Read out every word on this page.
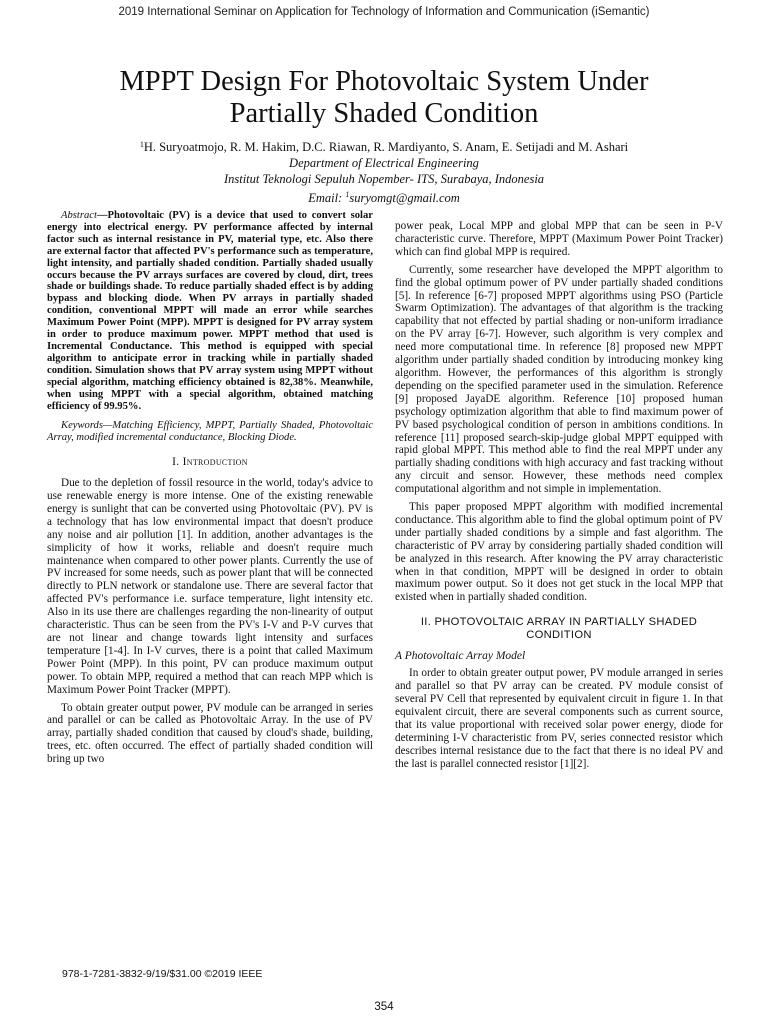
2019 International Seminar on Application for Technology of Information and Communication (iSemantic)
MPPT Design For Photovoltaic System Under
Partially Shaded Condition
$^1$H. Suryoatmojo, R. M. Hakim, D.C. Riawan, R. Mardiyanto, S. Anam, E. Setijadi and M. Ashari
Department of Electrical Engineering
Institut Teknologi Sepuluh Nopember- ITS, Surabaya, Indonesia
Email: $^1$suryomgt@gmail.com

Abstract—Photovoltaic (PV) is a device that used to convert solar energy into electrical energy. PV performance affected by internal factor such as internal resistance in PV, material type, etc. Also there are external factor that affected PV's performance such as temperature, light intensity, and partially shaded condition. Partially shaded usually occurs because the PV arrays surfaces are covered by cloud, dirt, trees shade or buildings shade. To reduce partially shaded effect is by adding bypass and blocking diode. When PV arrays in partially shaded condition, conventional MPPT will made an error while searches Maximum Power Point (MPP). MPPT is designed for PV array system in order to produce maximum power. MPPT method that used is Incremental Conductance. This method is equipped with special algorithm to anticipate error in tracking while in partially shaded condition. Simulation shows that PV array system using MPPT without special algorithm, matching efficiency obtained is 82,38%. Meanwhile, when using MPPT with a special algorithm, obtained matching efficiency of 99.95%.

Keywords—Matching Efficiency, MPPT, Partially Shaded, Photovoltaic Array, modified incremental conductance, Blocking Diode.

I. Introduction

Due to the depletion of fossil resource in the world, today's advice to use renewable energy is more intense. One of the existing renewable energy is sunlight that can be converted using Photovoltaic (PV). PV is a technology that has low environmental impact that doesn't produce any noise and air pollution [1]. In addition, another advantages is the simplicity of how it works, reliable and doesn't require much maintenance when compared to other power plants. Currently the use of PV increased for some needs, such as power plant that will be connected directly to PLN network or standalone use. There are several factor that affected PV's performance i.e. surface temperature, light intensity etc. Also in its use there are challenges regarding the non-linearity of output characteristic. Thus can be seen from the PV's I-V and P-V curves that are not linear and change towards light intensity and surfaces temperature [1-4]. In I-V curves, there is a point that called Maximum Power Point (MPP). In this point, PV can produce maximum output power. To obtain MPP, required a method that can reach MPP which is Maximum Power Point Tracker (MPPT).

To obtain greater output power, PV module can be arranged in series and parallel or can be called as Photovoltaic Array. In the use of PV array, partially shaded condition that caused by cloud's shade, building, trees, etc. often occurred. The effect of partially shaded condition will bring up two

power peak, Local MPP and global MPP that can be seen in P-V characteristic curve. Therefore, MPPT (Maximum Power Point Tracker) which can find global MPP is required.

Currently, some researcher have developed the MPPT algorithm to find the global optimum power of PV under partially shaded conditions [5]. In reference [6-7] proposed MPPT algorithms using PSO (Particle Swarm Optimization). The advantages of that algorithm is the tracking capability that not effected by partial shading or non-uniform irradiance on the PV array [6-7]. However, such algorithm is very complex and need more computational time. In reference [8] proposed new MPPT algorithm under partially shaded condition by introducing monkey king algorithm. However, the performances of this algorithm is strongly depending on the specified parameter used in the simulation. Reference [9] proposed JayaDE algorithm. Reference [10] proposed human psychology optimization algorithm that able to find maximum power of PV based psychological condition of person in ambitions conditions. In reference [11] proposed search-skip-judge global MPPT equipped with rapid global MPPT. This method able to find the real MPPT under any partially shading conditions with high accuracy and fast tracking without any circuit and sensor. However, these methods need complex computational algorithm and not simple in implementation.

This paper proposed MPPT algorithm with modified incremental conductance. This algorithm able to find the global optimum point of PV under partially shaded conditions by a simple and fast algorithm. The characteristic of PV array by considering partially shaded condition will be analyzed in this research. After knowing the PV array characteristic when in that condition, MPPT will be designed in order to obtain maximum power output. So it does not get stuck in the local MPP that existed when in partially shaded condition.

II. PHOTOVOLTAIC ARRAY IN PARTIALLY SHADED CONDITION

A Photovoltaic Array Model

In order to obtain greater output power, PV module arranged in series and parallel so that PV array can be created. PV module consist of several PV Cell that represented by equivalent circuit in figure 1. In that equivalent circuit, there are several components such as current source, that its value proportional with received solar power energy, diode for determining I-V characteristic from PV, series connected resistor which describes internal resistance due to the fact that there is no ideal PV and the last is parallel connected resistor [1][2].

978-1-7281-3832-9/19/$31.00 ©2019 IEEE
354
